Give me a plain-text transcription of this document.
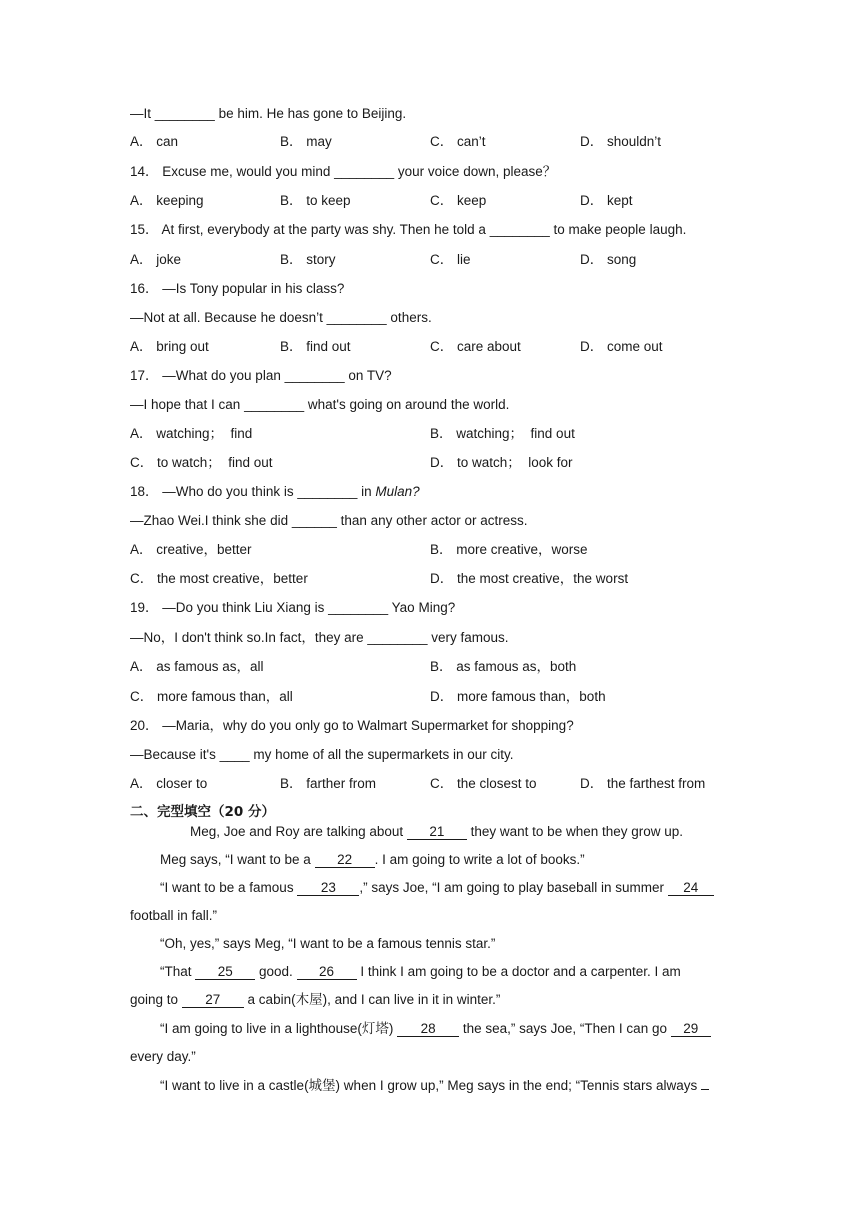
—It ________ be him. He has gone to Beijing.
A． can	B． may	C． can’t	D． shouldn’t
14． Excuse me, would you mind ________ your voice down, please？
A． keeping	B． to keep	C． keep	D． kept
15． At first, everybody at the party was shy. Then he told a ________ to make people laugh.
A． joke	B． story	C． lie	D． song
16． —Is Tony popular in his class?
—Not at all. Because he doesn’t ________ others.
A． bring out	B． find out	C． care about	D． come out
17． —What do you plan ________ on TV?
—I hope that I can ________ what's going on around the world.
A． watching；  find	B． watching；  find out
C． to watch；  find out	D． to watch；  look for
18． —Who do you think is ________ in Mulan?
—Zhao Wei.I think she did ______ than any other actor or actress.
A． creative，better	B． more creative，worse
C． the most creative，better	D． the most creative，the worst
19． —Do you think Liu Xiang is ________ Yao Ming?
—No，I don't think so.In fact，they are ________ very famous.
A． as famous as，all	B． as famous as，both
C． more famous than，all	D． more famous than，both
20． —Maria，why do you only go to Walmart Supermarket for shopping?
—Because it's ____ my home of all the supermarkets in our city.
A． closer to	B． farther from	C． the closest to	D． the farthest from
二、完型填空（20 分）
Meg, Joe and Roy are talking about 21 they want to be when they grow up.
Meg says, “I want to be a 22 . I am going to write a lot of books.”
“I want to be a famous 23 ,” says Joe, “I am going to play baseball in summer 24
football in fall.”
“Oh, yes,” says Meg, “I want to be a famous tennis star.”
“That 25 good. 26 I think I am going to be a doctor and a carpenter. I am
going to 27 a cabin(木屋), and I can live in it in winter.”
“I am going to live in a lighthouse(灯塔) 28 the sea,” says Joe, “Then I can go 29
every day.”
“I want to live in a castle(城堡) when I grow up,” Meg says in the end; “Tennis stars always
